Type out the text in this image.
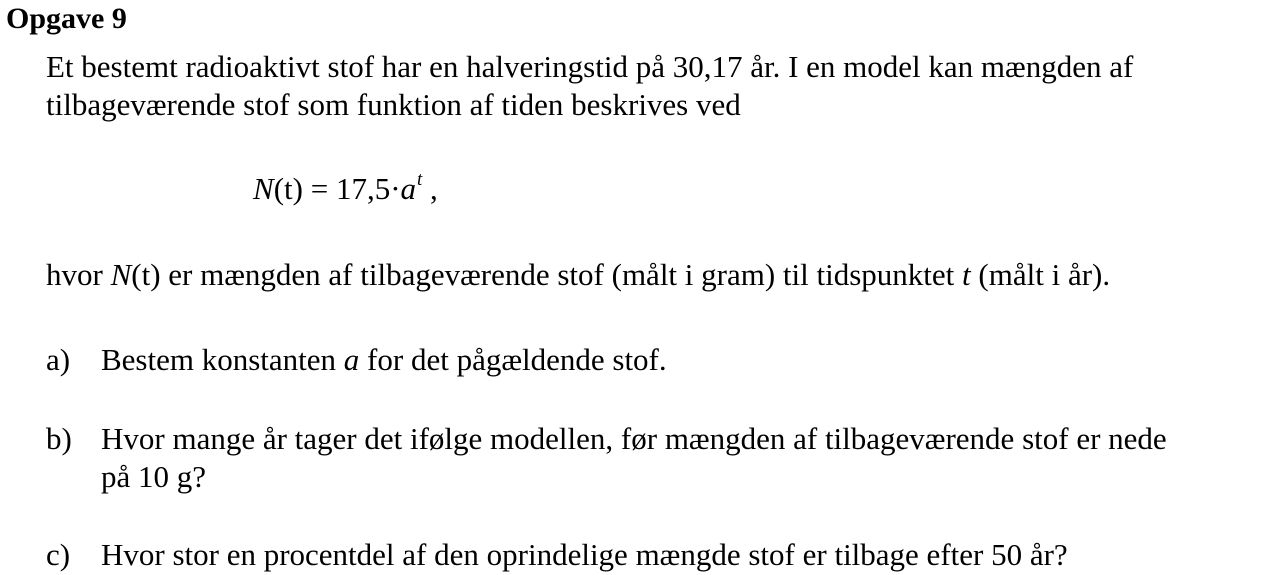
Opgave 9
Et bestemt radioaktivt stof har en halveringstid på 30,17 år. I en model kan mængden af
tilbageværende stof som funktion af tiden beskrives ved
$N(t) = 17,5\cdot a^t$ ,
hvor N(t) er mængden af tilbageværende stof (målt i gram) til tidspunktet t (målt i år).
a) Bestem konstanten a for det pågældende stof.
b) Hvor mange år tager det ifølge modellen, før mængden af tilbageværende stof er nede
på 10 g?
c) Hvor stor en procentdel af den oprindelige mængde stof er tilbage efter 50 år?
